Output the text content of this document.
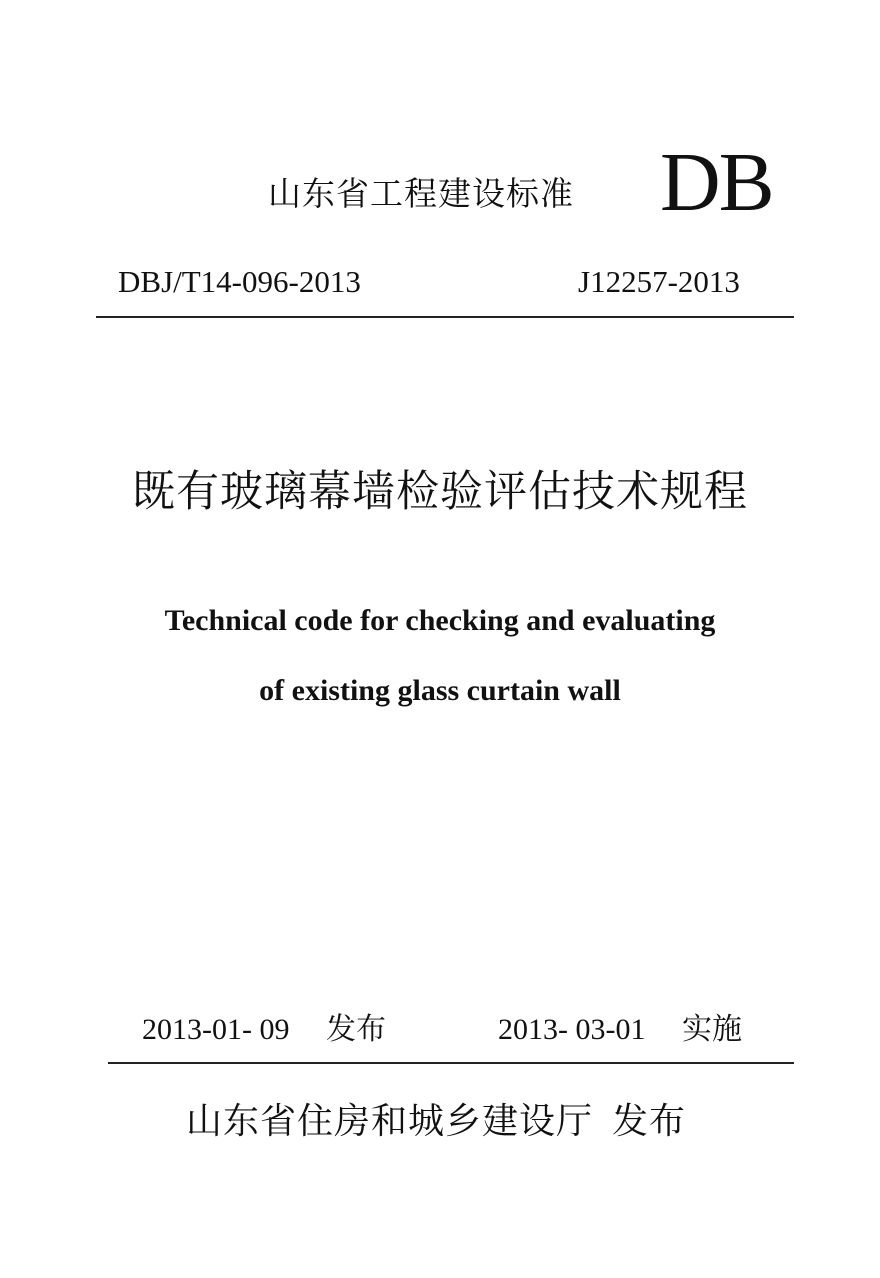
山东省工程建设标准 DB
DBJ/T14-096-2013	J12257-2013
既有玻璃幕墙检验评估技术规程
Technical code for checking and evaluating
of existing glass curtain wall
2013-01- 09 发布	2013- 03-01 实施
山东省住房和城乡建设厅 发布
